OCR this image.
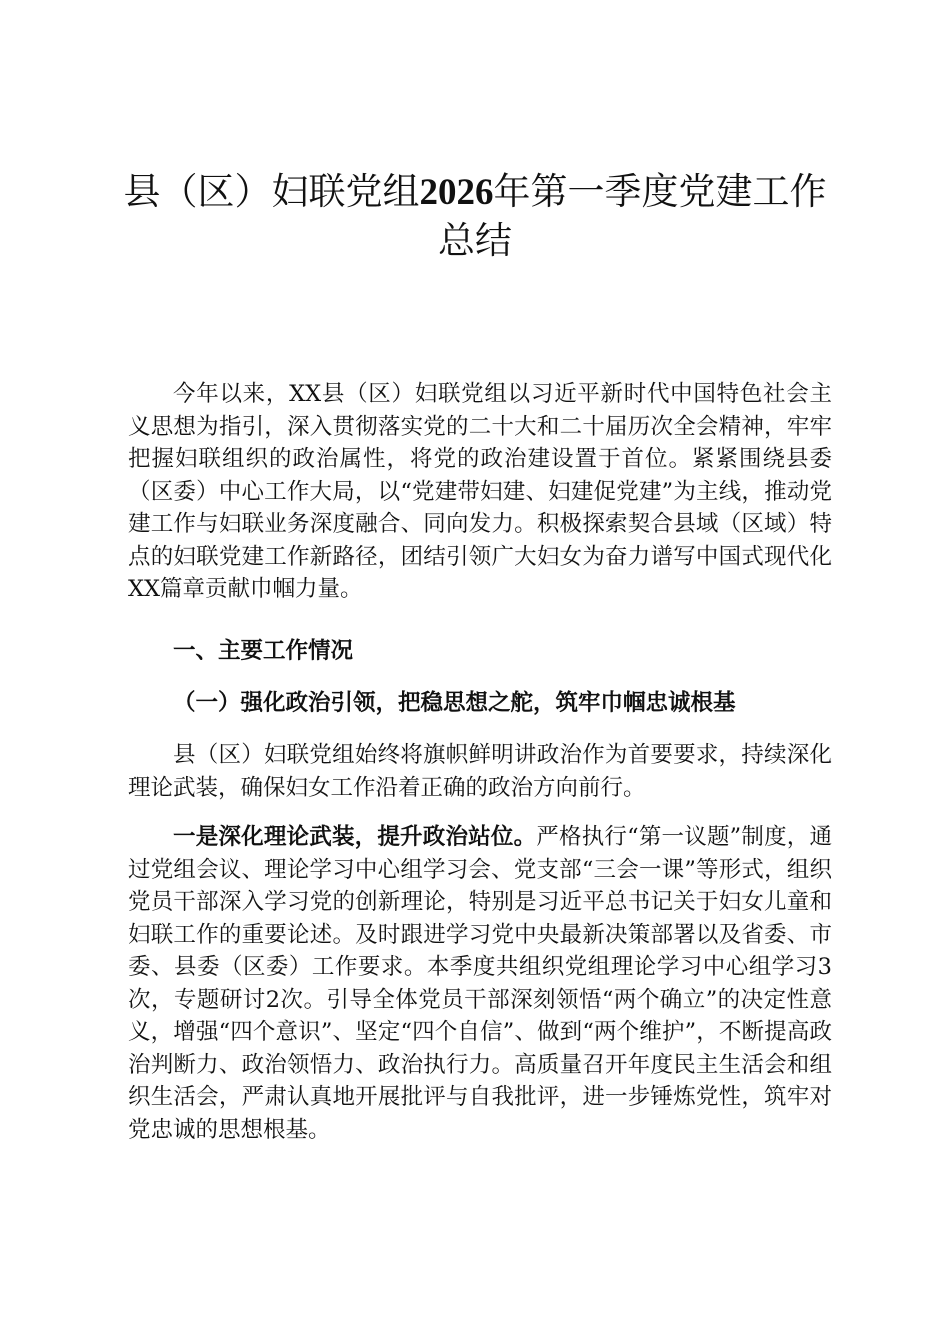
县（区）妇联党组2026年第一季度党建工作
总结

今年以来，XX县（区）妇联党组以习近平新时代中国特色社会主义思想为指引，深入贯彻落实党的二十大和二十届历次全会精神，牢牢把握妇联组织的政治属性，将党的政治建设置于首位。紧紧围绕县委（区委）中心工作大局，以“党建带妇建、妇建促党建”为主线，推动党建工作与妇联业务深度融合、同向发力。积极探索契合县域（区域）特点的妇联党建工作新路径，团结引领广大妇女为奋力谱写中国式现代化XX篇章贡献巾帼力量。

一、主要工作情况

（一）强化政治引领，把稳思想之舵，筑牢巾帼忠诚根基

县（区）妇联党组始终将旗帜鲜明讲政治作为首要要求，持续深化理论武装，确保妇女工作沿着正确的政治方向前行。

一是深化理论武装，提升政治站位。严格执行“第一议题”制度，通过党组会议、理论学习中心组学习会、党支部“三会一课”等形式，组织党员干部深入学习党的创新理论，特别是习近平总书记关于妇女儿童和妇联工作的重要论述。及时跟进学习党中央最新决策部署以及省委、市委、县委（区委）工作要求。本季度共组织党组理论学习中心组学习3次，专题研讨2次。引导全体党员干部深刻领悟“两个确立”的决定性意义，增强“四个意识”、坚定“四个自信”、做到“两个维护”，不断提高政治判断力、政治领悟力、政治执行力。高质量召开年度民主生活会和组织生活会，严肃认真地开展批评与自我批评，进一步锤炼党性，筑牢对党忠诚的思想根基。
